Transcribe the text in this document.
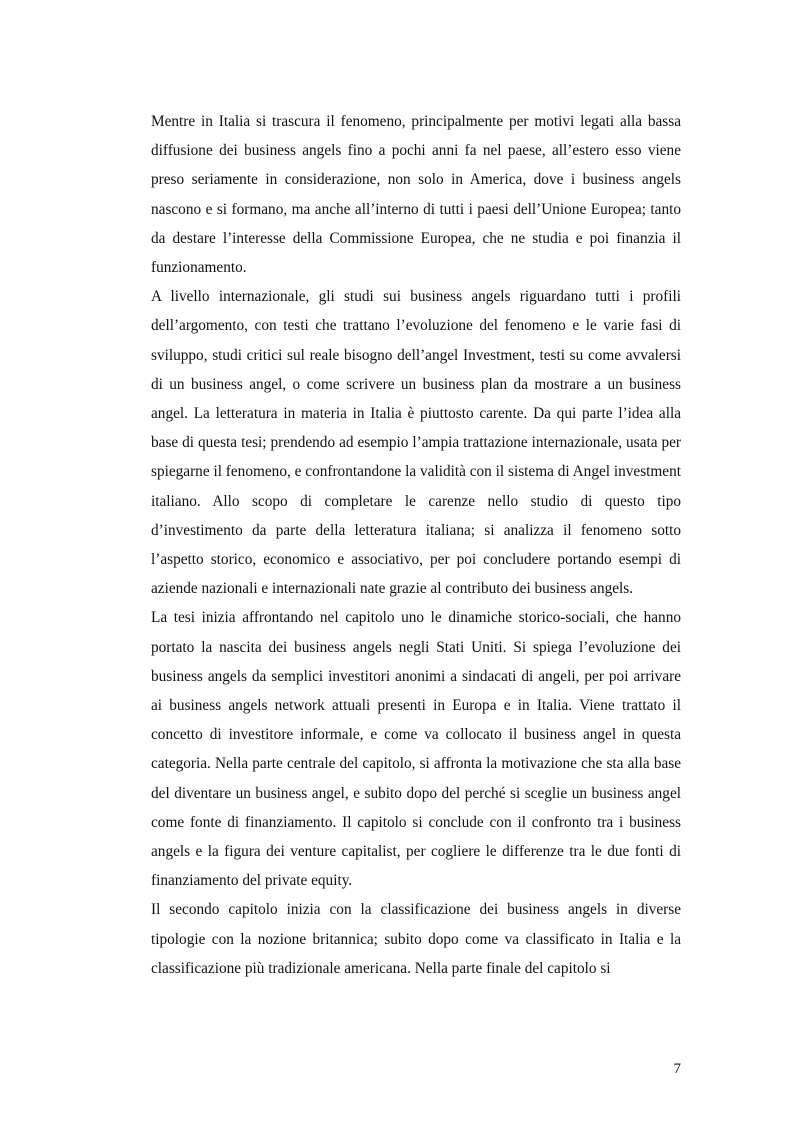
Mentre in Italia si trascura il fenomeno, principalmente per motivi legati alla bassa diffusione dei business angels fino a pochi anni fa nel paese, all’estero esso viene preso seriamente in considerazione, non solo in America, dove i business angels nascono e si formano, ma anche all’interno di tutti i paesi dell’Unione Europea; tanto da destare l’interesse della Commissione Europea, che ne studia e poi finanzia il funzionamento.

A livello internazionale, gli studi sui business angels riguardano tutti i profili dell’argomento, con testi che trattano l’evoluzione del fenomeno e le varie fasi di sviluppo, studi critici sul reale bisogno dell’angel Investment, testi su come avvalersi di un business angel, o come scrivere un business plan da mostrare a un business angel. La letteratura in materia in Italia è piuttosto carente. Da qui parte l’idea alla base di questa tesi; prendendo ad esempio l’ampia trattazione internazionale, usata per spiegarne il fenomeno, e confrontandone la validità con il sistema di Angel investment italiano. Allo scopo di completare le carenze nello studio di questo tipo d’investimento da parte della letteratura italiana; si analizza il fenomeno sotto l’aspetto storico, economico e associativo, per poi concludere portando esempi di aziende nazionali e internazionali nate grazie al contributo dei business angels.

La tesi inizia affrontando nel capitolo uno le dinamiche storico-sociali, che hanno portato la nascita dei business angels negli Stati Uniti. Si spiega l’evoluzione dei business angels da semplici investitori anonimi a sindacati di angeli, per poi arrivare ai business angels network attuali presenti in Europa e in Italia. Viene trattato il concetto di investitore informale, e come va collocato il business angel in questa categoria. Nella parte centrale del capitolo, si affronta la motivazione che sta alla base del diventare un business angel, e subito dopo del perché si sceglie un business angel come fonte di finanziamento. Il capitolo si conclude con il confronto tra i business angels e la figura dei venture capitalist, per cogliere le differenze tra le due fonti di finanziamento del private equity.

Il secondo capitolo inizia con la classificazione dei business angels in diverse tipologie con la nozione britannica; subito dopo come va classificato in Italia e la classificazione più tradizionale americana. Nella parte finale del capitolo si

7
